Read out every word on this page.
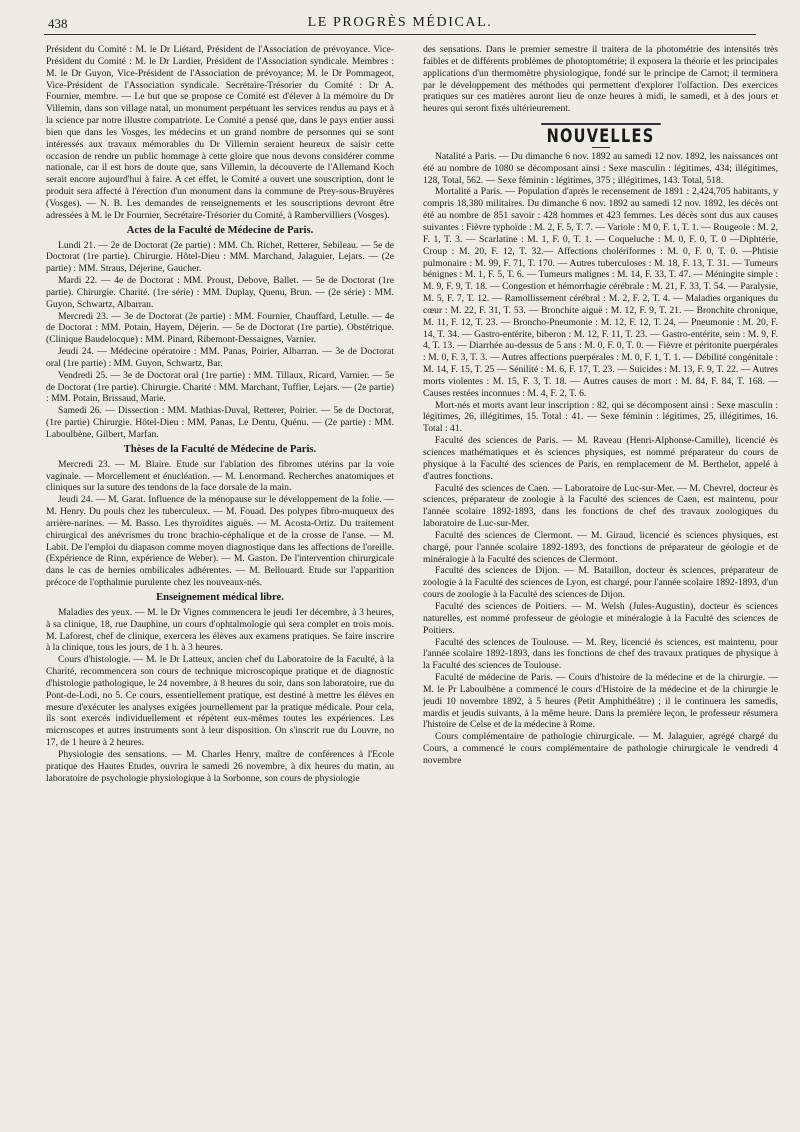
438	LE PROGRÈS MÉDICAL.

Président du Comité : M. le Dr Liétard, Président de l'Association de prévoyance. Vice-Président du Comité : M. le Dr Lardier, Président de l'Association syndicale. Membres : M. le Dr Guyon, Vice-Président de l'Association de prévoyance; M. le Dr Pommageot, Vice-Président de l'Association syndicale. Secrétaire-Trésorier du Comité : Dr A. Fournier, membre. — Le but que se propose ce Comité est d'élever à la mémoire du Dr Villemin, dans son village natal, un monument perpétuant les services rendus au pays et à la science par notre illustre compatriote. Le Comité a pensé que, dans le pays entier aussi bien que dans les Vosges, les médecins et un grand nombre de personnes qui se sont intéressés aux travaux mémorables du Dr Villemin seraient heureux de saisir cette occasion de rendre un public hommage à cette gloire que nous devons considérer comme nationale, car il est hors de doute que, sans Villemin, la découverte de l'Allemand Koch serait encore aujourd'hui à faire. A cet effet, le Comité a ouvert une souscription, dont le produit sera affecté à l'érection d'un monument dans la commune de Prey-sous-Bruyères (Vosges). — N. B. Les demandes de renseignements et les souscriptions devront être adressées à M. le Dr Fournier, Secrétaire-Trésorier du Comité, à Rambervilliers (Vosges).

Actes de la Faculté de Médecine de Paris.

Lundi 21. — 2e de Doctorat (2e partie) : MM. Ch. Richet, Retterer, Sebileau. — 5e de Doctorat (1re partie). Chirurgie. Hôtel-Dieu : MM. Marchand, Jalaguier, Lejars. — (2e partie) : MM. Straus, Déjerine, Gaucher.

Mardi 22. — 4e de Doctorat : MM. Proust, Debove, Ballet. — 5e de Doctorat (1re partie). Chirurgie. Charité. (1re série) : MM. Duplay, Quenu, Brun. — (2e série) : MM. Guyon, Schwartz, Albarran.

Mercredi 23. — 3e de Doctorat (2e partie) : MM. Fournier, Chauffard, Letulle. — 4e de Doctorat : MM. Potain, Hayem, Déjerin. — 5e de Doctorat (1re partie). Obstétrique. (Clinique Baudelocque) : MM. Pinard, Ribemont-Dessaignes, Varnier.

Jeudi 24. — Médecine opératoire : MM. Panas, Poirier, Albarran. — 3e de Doctorat oral (1re partie) : MM. Guyon, Schwartz, Bar.

Vendredi 25. — 3e de Doctorat oral (1re partie) : MM. Tillaux, Ricard, Varnier. — 5e de Doctorat (1re partie). Chirurgie. Charité : MM. Marchant, Tuffier, Lejars. — (2e partie) : MM. Potain, Brissaud, Marie.

Samedi 26. — Dissection : MM. Mathias-Duval, Retterer, Poirier. — 5e de Doctorat, (1re partie) Chirurgie. Hôtel-Dieu : MM. Panas, Le Dentu, Quénu. — (2e partie) : MM. Laboulbène, Gilbert, Marfan.

Thèses de la Faculté de Médecine de Paris.

Mercredi 23. — M. Blaire. Etude sur l'ablation des fibromes utérins par la voie vaginale. — Morcellement et énucléation. — M. Lenormand. Recherches anatomiques et cliniques sur la suture des tendons de la face dorsale de la main.

Jeudi 24. — M. Garat. Influence de la ménopause sur le développement de la folie. — M. Henry. Du pouls chez les tuberculeux. — M. Fouad. Des polypes fibro-muqueux des arrière-narines. — M. Basso. Les thyroïdites aiguës. — M. Acosta-Ortiz. Du traitement chirurgical des anévrismes du tronc brachio-céphalique et de la crosse de l'anse. — M. Labit. De l'emploi du diapason comme moyen diagnostique dans les affections de l'oreille. (Expérience de Rinn, expérience de Weber). — M. Gaston. De l'intervention chirurgicale dans le cas de hernies ombilicales adhérentes. — M. Bellouard. Etude sur l'apparition précoce de l'opthalmie purulente chez les nouveaux-nés.

Enseignement médical libre.

Maladies des yeux. — M. le Dr Vignes commencera le jeudi 1er décembre, à 3 heures, à sa clinique, 18, rue Dauphine, un cours d'ophtalmologie qui sera complet en trois mois. M. Laforest, chef de clinique, exercera les élèves aux examens pratiques. Se faire inscrire à la clinique, tous les jours, de 1 h. à 3 heures.

Cours d'histologie. — M. le Dr Latteux, ancien chef du Laboratoire de la Faculté, à la Charité, recommencera son cours de technique microscopique pratique et de diagnostic d'histologie pathologique, le 24 novembre, à 8 heures du soir, dans son laboratoire, rue du Pont-de-Lodi, no 5. Ce cours, essentiellement pratique, est destiné à mettre les élèves en mesure d'exécuter les analyses exigées journellement par la pratique médicale. Pour cela, ils sont exercés individuellement et répètent eux-mêmes toutes les expériences. Les microscopes et autres instruments sont à leur disposition. On s'inscrit rue du Louvre, no 17, de 1 heure à 2 heures.

Physiologie des sensations. — M. Charles Henry, maître de conférences à l'Ecole pratique des Hautes Etudes, ouvrira le samedi 26 novembre, à dix heures du matin, au laboratoire de psychologie physiologique à la Sorbonne, son cours de physiologie

des sensations. Dans le premier semestre il traitera de la photométrie des intensités très faibles et de différents problèmes de photoptométrie; il exposera la théorie et les principales applications d'un thermomètre physiologique, fondé sur le principe de Carnot; il terminera par le développement des méthodes qui permettent d'explorer l'olfaction. Des exercices pratiques sur ces matières auront lieu de onze heures à midi, le samedi, et à des jours et heures qui seront fixés ultérieurement.

NOUVELLES

Natalité a Paris. — Du dimanche 6 nov. 1892 au samedi 12 nov. 1892, les naissances ont été au nombre de 1080 se décomposant ainsi : Sexe masculin : légitimes, 434; illégitimes, 128, Total, 562. — Sexe féminin : légitimes, 375 ; illégitimes, 143. Total, 518.

Mortalité a Paris. — Population d'après le recensement de 1891 : 2,424,705 habitants, y compris 18,380 militaires. Du dimanche 6 nov. 1892 au samedi 12 nov. 1892, les décès ont été au nombre de 851 savoir : 428 hommes et 423 femmes. Les décès sont dus aux causes suivantes : Fièvre typhoïde : M. 2, F. 5, T. 7. — Variole : M 0, F. 1, T. 1. — Rougeole : M. 2, F. 1, T. 3. — Scarlatine : M. 1, F. 0, T. 1. — Coqueluche : M. 0, F. 0, T. 0 —Diphtérie, Croup : M. 20, F. 12, T. 32.— Affections choléríformes : M. 0, F. 0, T. 0. —Phtisie pulmonaire : M. 99, F. 71, T. 170. — Autres tuberculoses : M. 18, F. 13, T. 31. — Tumeurs bénignes : M. 1, F. 5, T. 6. — Tumeurs malignes : M. 14, F. 33, T. 47. — Méningite simple : M. 9, F. 9, T. 18. — Congestion et hémorrhagie cérébrale : M. 21, F. 33, T. 54. — Paralysie, M. 5, F. 7, T. 12. — Ramollissement cérébral : M. 2, F. 2, T. 4. — Maladies organiques du cœur : M. 22, F. 31, T. 53. — Bronchite aiguë : M. 12, F. 9, T. 21. — Bronchite chronique, M. 11, F. 12, T. 23. — Broncho-Pneumonie : M. 12, F. 12, T. 24, — Pneumonie : M. 20, F. 14, T. 34. — Gastro-entérite, biberon : M. 12, F. 11, T. 23. — Gastro-entérite, sein : M. 9, F. 4, T. 13. — Diarrhée au-dessus de 5 ans : M. 0, F. 0, T. 0. — Fièvre et péritonite puerpérales : M. 0, F. 3, T. 3. — Autres affections puerpérales : M. 0, F. 1, T. 1. — Débilité congénitale : M. 14, F. 15, T. 25 — Sénilité : M. 6, F. 17, T. 23. — Suicides : M. 13, F. 9, T. 22. — Autres morts violentes : M. 15, F. 3, T. 18. — Autres causes de mort : M. 84, F. 84, T. 168. — Causes restées inconnues : M. 4, F. 2, T. 6.

Mort-nés et morts avant leur inscription : 82, qui se décomposent ainsi : Sexe masculin : légitimes, 26, illégitimes, 15. Total : 41. — Sexe féminin : légitimes, 25, illégitimes, 16. Total : 41.

Faculté des sciences de Paris. — M. Raveau (Henri-Alphonse-Camille), licencié ès sciences mathématiques et ès sciences physiques, est nommé préparateur du cours de physique à la Faculté des sciences de Paris, en remplacement de M. Berthelot, appelé à d'autres fonctions.

Faculté des sciences de Caen. — Laboratoire de Luc-sur-Mer. — M. Chevrel, docteur ès sciences, préparateur de zoologie à la Faculté des sciences de Caen, est maintenu, pour l'année scolaire 1892-1893, dans les fonctions de chef des travaux zoologiques du laboratoire de Luc-sur-Mer.

Faculté des sciences de Clermont. — M. Giraud, licencié ès sciences physiques, est chargé, pour l'année scolaire 1892-1893, des fonctions de préparateur de géologie et de minéralogie à la Faculté des sciences de Clermont.

Faculté des sciences de Dijon. — M. Bataillon, docteur ès sciences, préparateur de zoologie à la Faculté des sciences de Lyon, est chargé, pour l'année scolaire 1892-1893, d'un cours de zoologie à la Faculté des sciences de Dijon.

Faculté des sciences de Poitiers. — M. Welsh (Jules-Augustin), docteur ès sciences naturelles, est nommé professeur de géologie et minéralogie à la Faculté des sciences de Poitiers.

Faculté des sciences de Toulouse. — M. Rey, licencié ès sciences, est maintenu, pour l'année scolaire 1892-1893, dans les fonctions de chef des travaux pratiques de physique à la Faculté des sciences de Toulouse.

Faculté de médecine de Paris. — Cours d'histoire de la médecine et de la chirurgie. — M. le Pr Laboulbène a commencé le cours d'Histoire de la médecine et de la chirurgie le jeudi 10 novembre 1892, à 5 heures (Petit Amphithéâtre) ; il le continuera les samedis, mardis et jeudis suivants, à la même heure. Dans la première leçon, le professeur résumera l'histoire de Celse et de la médecine à Rome.

Cours complémentaire de pathologie chirurgicale. — M. Jalaguier, agrégé chargé du Cours, a commencé le cours complémentaire de pathologie chirurgicale le vendredi 4 novembre
